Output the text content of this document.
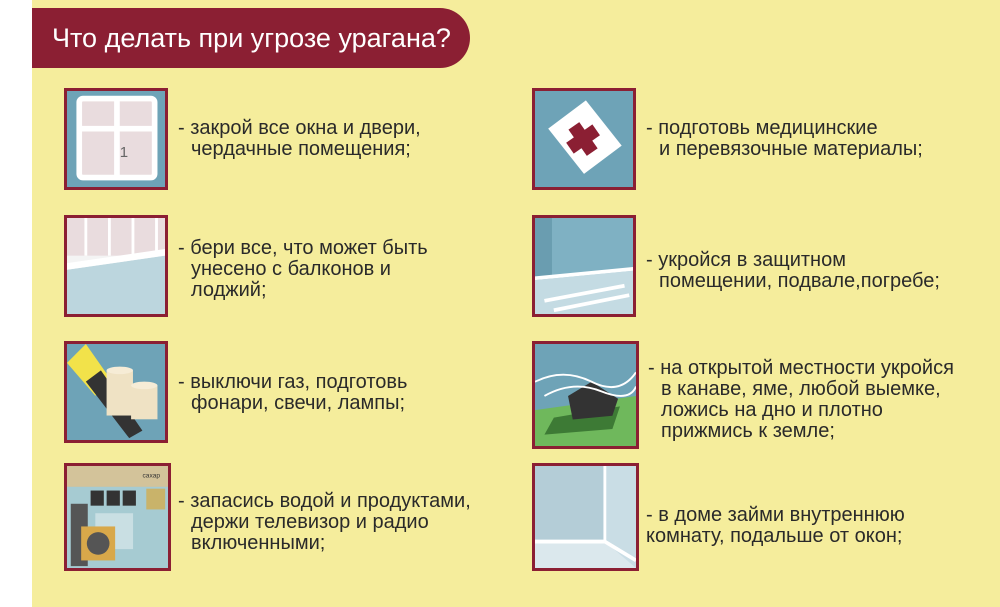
Что делать при угрозе урагана?
1
- закрой все окна и двери,
чердачные помещения;
- бери все, что может быть
унесено с балконов и
лоджий;
- выключи газ, подготовь
фонари, свечи, лампы;
сахар
- запасись водой и продуктами,
держи телевизор и радио
включенными;
- подготовь медицинские
и перевязочные материалы;
- укройся в защитном
помещении, подвале,погребе;
- на открытой местности укройся
в канаве, яме, любой выемке,
ложись на дно и плотно
прижмись к земле;
- в доме займи внутреннюю
комнату, подальше от окон;
